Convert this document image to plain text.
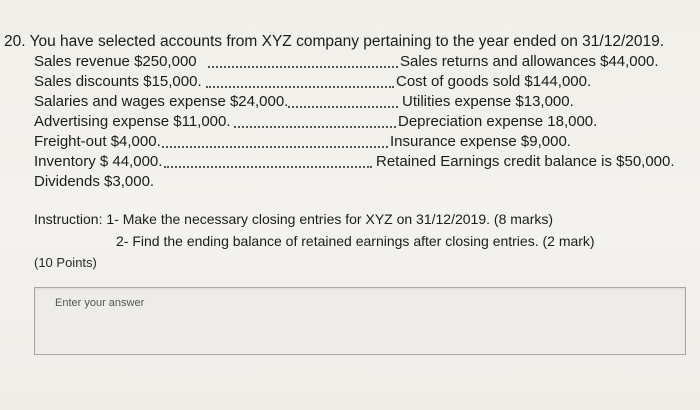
20. You have selected accounts from XYZ company pertaining to the year ended on 31/12/2019.
Sales revenue $250,000	Sales returns and allowances $44,000.
Sales discounts $15,000.	Cost of goods sold $144,000.
Salaries and wages expense $24,000.	Utilities expense $13,000.
Advertising expense $11,000.	Depreciation expense 18,000.
Freight-out $4,000.	Insurance expense $9,000.
Inventory $ 44,000.	Retained Earnings credit balance is $50,000.
Dividends $3,000.
Instruction: 1- Make the necessary closing entries for XYZ on 31/12/2019. (8 marks)
2- Find the ending balance of retained earnings after closing entries. (2 mark)
(10 Points)
Enter your answer
